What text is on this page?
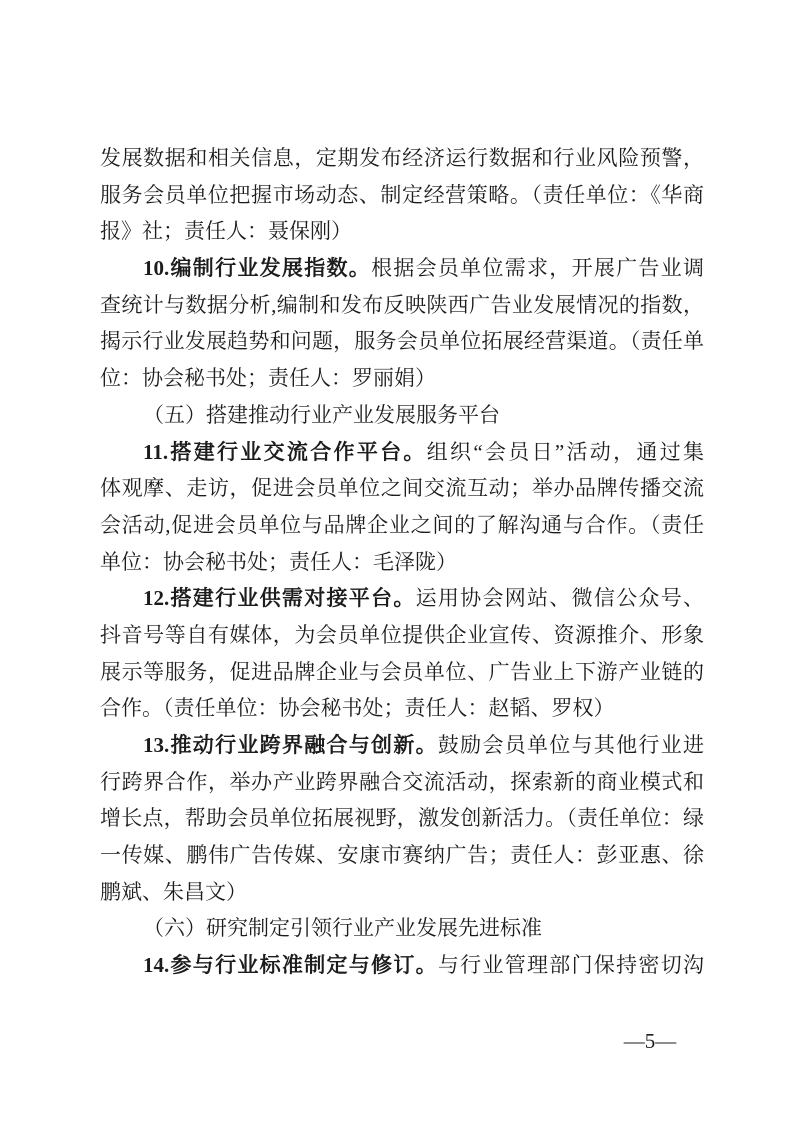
发展数据和相关信息，定期发布经济运行数据和行业风险预警，
服务会员单位把握市场动态、制定经营策略。（责任单位：《华商
报》社；责任人：聂保刚）
10.编制行业发展指数。根据会员单位需求，开展广告业调
查统计与数据分析,编制和发布反映陕西广告业发展情况的指数，
揭示行业发展趋势和问题，服务会员单位拓展经营渠道。（责任单
位：协会秘书处；责任人：罗丽娟）
（五）搭建推动行业产业发展服务平台
11.搭建行业交流合作平台。组织“会员日”活动，通过集
体观摩、走访，促进会员单位之间交流互动；举办品牌传播交流
会活动,促进会员单位与品牌企业之间的了解沟通与合作。（责任
单位：协会秘书处；责任人：毛泽陇）
12.搭建行业供需对接平台。运用协会网站、微信公众号、
抖音号等自有媒体，为会员单位提供企业宣传、资源推介、形象
展示等服务，促进品牌企业与会员单位、广告业上下游产业链的
合作。（责任单位：协会秘书处；责任人：赵韬、罗权）
13.推动行业跨界融合与创新。鼓励会员单位与其他行业进
行跨界合作，举办产业跨界融合交流活动，探索新的商业模式和
增长点，帮助会员单位拓展视野，激发创新活力。（责任单位：绿
一传媒、鹏伟广告传媒、安康市赛纳广告；责任人：彭亚惠、徐
鹏斌、朱昌文）
（六）研究制定引领行业产业发展先进标准
14.参与行业标准制定与修订。与行业管理部门保持密切沟
—5—
